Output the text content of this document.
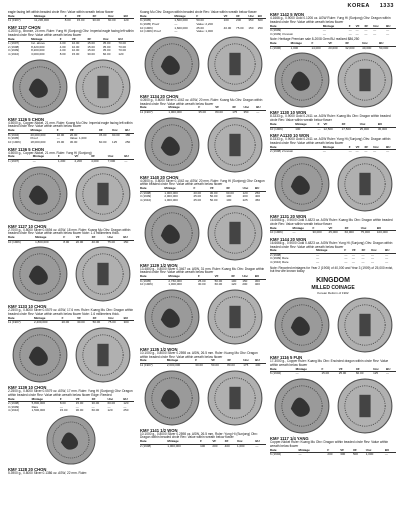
KOREA 1333
eagle facing left within beaded circle Rev: Value within wreath below flower
Date	Mintage	F	VF	XF	Unc	BU
11 (1907)	11,236,000	8.00	15.00	30.00	60.00	120
KM# 1137 CHON
4.2000 g., Bronze, 24 mm. Ruler: Yung Hi (Sunjong) Obv: Imperial eagle facing left within beaded circle Rev: Value within wreath below flower
Date	Mintage	F	VF	XF	Unc	BU
1 (1907)	Inc. above	4.00	10.00	15.00	35.00	70.00
2 (1908)	8,420,000	4.00	10.00	15.00	35.00	70.00
3 (1909)	8,200,000	4.00	10.00	15.00	35.00	70.00
4 (1910)	3,000,000	8.00	15.00	30.00	60.00	120
KM# 1126 5 CHON
4.5000 g., Copper-Nickel, 21 mm. Ruler: Kuang Mu Obv: Imperial eagle facing left within beaded circle Rev: Value within wreath below flower
Date	Mintage	F	VF	XF	Unc	BU
8 (1904)	20,000,000	10.00	20.00	45.00	90.00	180
9 (1905)	Proof	—	Value: 1,000			
10 (1906)	18,000,000	15.00	30.00	60.00	125	250
KM# 1136 5 CHON
4.5000 g., Copper-Nickel, 21 mm. Ruler: Yung Hi (Sunjong)
Date	Mintage	F	VF	XF	Unc	BU
1 (1907)	—	1,200	2,200	4,000	7,000	—
KM# 1127 10 CHON
2.7000 g., 0.8000 Silver 0.0694 oz. ASW, 18 mm. Ruler: Kuang Mu Obv: Dragon within beaded circle Rev: Value within wreath below flower Note: 1.4 millimeters thick.
Date	Mintage	F	VF	XF	Unc	BU
10 (1906)	1,800,000	8.00	20.00	40.00	75.00	150
KM# 1133 10 CHON
2.2500 g., 0.8000 Silver 0.0579 oz. ASW, 17.6 mm. Ruler: Kuang Mu Obv: Dragon within beaded circle Rev: Value within wreath below flower Note: 1.6 millimeters thick.
Date	Mintage	F	VF	XF	Unc	BU
11 (1907)	2,400,000	20.00	30.00	50.00	75.00	300
KM# 1139 10 CHON
2.2500 g., 0.8000 Silver 0.0579 oz. ASW, 17 mm. Ruler: Yung Hi (Sunjong) Obv: Dragon within beaded circle Rev: Value within wreath below flower Edge: Reeded
Date	Mintage	F	VF	XF	Unc	BU
2 (1908)	5,800,000	8.00	15.00	30.00	60.00	120
3 (1909)	Rare	—	—	—	—	—
4 (1910)	1,500,000	15.00	30.00	60.00	120	250
KM# 1128 20 CHON
5.3900 g., 0.8000 Silver 0.1386 oz. ASW, 22 mm. Ruler:
Kuang Mu Obv: Dragon within beaded circle Rev: Value within wreath below flower
Date	Mintage	F	VF	XF	Unc	BU
9 (1905)	1,500,000	50.00	100	200	350	600
9 (1905) Proof	—	Value: 2,200				
10 (1906)	1,600,000	25.00	40.00	75.00	150	250
10 (1906) Proof	—	Value: 1,000				
KM# 1134 20 CHON
4.0500 g., 0.8000 Silver 0.1042 oz. ASW, 20 mm. Ruler: Kuang Mu Obv: Dragon within beaded circle Rev: Value within wreath below flower
Date	Mintage	F	VF	XF	Unc	BU
11 (1907)	1,000,000	35.00	80.00	175	350	—
KM# 1140 20 CHON
4.0500 g., 0.8000 Silver 0.1042 oz. ASW, 20 mm. Ruler: Yung Hi (Sunjong) Obv: Dragon within beaded circle Rev: Value within wreath below flower
Date	Mintage	F	VF	XF	Unc	BU
2 (1908)	1,000,000	20.00	30.00	60.00	120	250
3 (1909)	2,000,000	25.00	50.00	100	200	400
4 (1910)	1,000,000	25.00	50.00	100	225	450
KM# 1129 1/2 WON
13.4800 g., 0.8000 Silver 0.3467 oz. ASW, 31 mm. Ruler: Kuang Mu Obv: Dragon within beaded circle Rev: Value within wreath below flower
Date	Mintage	F	VF	XF	Unc	BU
9 (1905)	2,760,000	25.00	50.00	100	150	300
10 (1906)	1,000,000	30.00	60.00	120	200	400
KM# 1135 1/2 WON
10.1000 g., 0.8000 Silver 0.2598 oz. ASW, 26.5 mm. Ruler: Kuang Mu Obv: Dragon within beaded circle Rev: Value within wreath below flower
Date	Mintage	F	VF	XF	Unc	BU
11 (1907)	2,000,000	30.00	50.00	80.00	175	400
KM# 1141 1/2 WON
10.1000 g., 0.8000 Silver 0.2598 oz. ASW, 26.5 mm. Ruler: Yung Hi (Sunjong) Obv: Dragon within beaded circle Rev: Value within wreath below flower
Date	Mintage	F	VF	XF	Unc	BU
2 (1908)	1,000,000	100	200	400	1,000	—
KM# 1142 5 WON
4.1666 g., 0.9000 Gold 0.1206 oz. AGW Ruler: Yung Hi (Sunjong) Obv: Dragon within beaded circle Rev: Value within wreath below flower
Date	Mintage	F	VF	XF	Unc	BU
3 (1909)	—	—	—	—	—	—
3 (1909) 3 known	—	—	—	—	—	—
Note: Heritage Premium sale 8-2008 Gem BU realized $86,250
Date	Mintage	F	VF	XF	Unc	BU
1 (1906)	1,000	14,000	20,000	32,000	40,000	50,000
KM# 1130 10 WON
8.3333 g., 0.9000 Gold 0.2411 oz. AGW Ruler: Kuang Mu Obv: Dragon within beaded circle Rev: Value within wreath below flower
Date	Mintage	F	VF	XF	Unc	BU
10 (1906)	100	—	12,500	17,500	25,000	30,000
KM# A1130 10 WON
8.3333 g., 0.9000 Gold 0.2411 oz. AGW Ruler: Yung Hi (Sunjong) Obv: Dragon within beaded circle Rev: Value within wreath below flower
Date	Mintage	F	VF	XF	Unc	BU
2 (1908) 2 known	—	—	—	—	—	—
KM# 1131 20 WON
16.6666 g., 0.9000 Gold 0.4823 oz. AGW Ruler: Kuang Mu Obv: Dragon within beaded circle Rev: Value within wreath below flower
Date	Mintage	F	VF	XF	Unc	BU
10 (1906)	—	30,000	45,000	60,000	75,000	100,000
KM# 1144 20 WON
16.6666 g., 0.9000 Gold 0.4823 oz. AGW Ruler: Yung Hi (Sunjong) Obv: Dragon within beaded circle Rev: Value within wreath below flower
Date	Mintage	F	VF	XF	Unc	BU
2 (1908)	—	—	—	—	—	—
3 (1909) Rare	—	—	—	—	—	—
4 (1910) Rare	—	—	—	—	—	—
Note: Reported mintages for Year 2 (1908) of 40,000 and Year 3 (1909) of 25,000 exist, but few are known today
KINGDOM
MILLED COINAGE
Korean Reform of 1902
KM# 1116 5 FUN
17.3000 g., Copper Ruler: Kuang Mu Obv: Encircled dragon within circle Rev: Value within wreath below flower
Date	Mintage	F	VF	XF	Unc	BU
6 (1902)	—	15.00	25.00	60.00	125	—
KM# 1117 1/4 YANG
Copper-Nickel Ruler: Kuang Mu Obv: Dragon within beaded circle Rev: Value within wreath below flower
Date	Mintage	F	VF	XF	Unc	BU
6 (1902)	—	200	300	500	1,000	—
